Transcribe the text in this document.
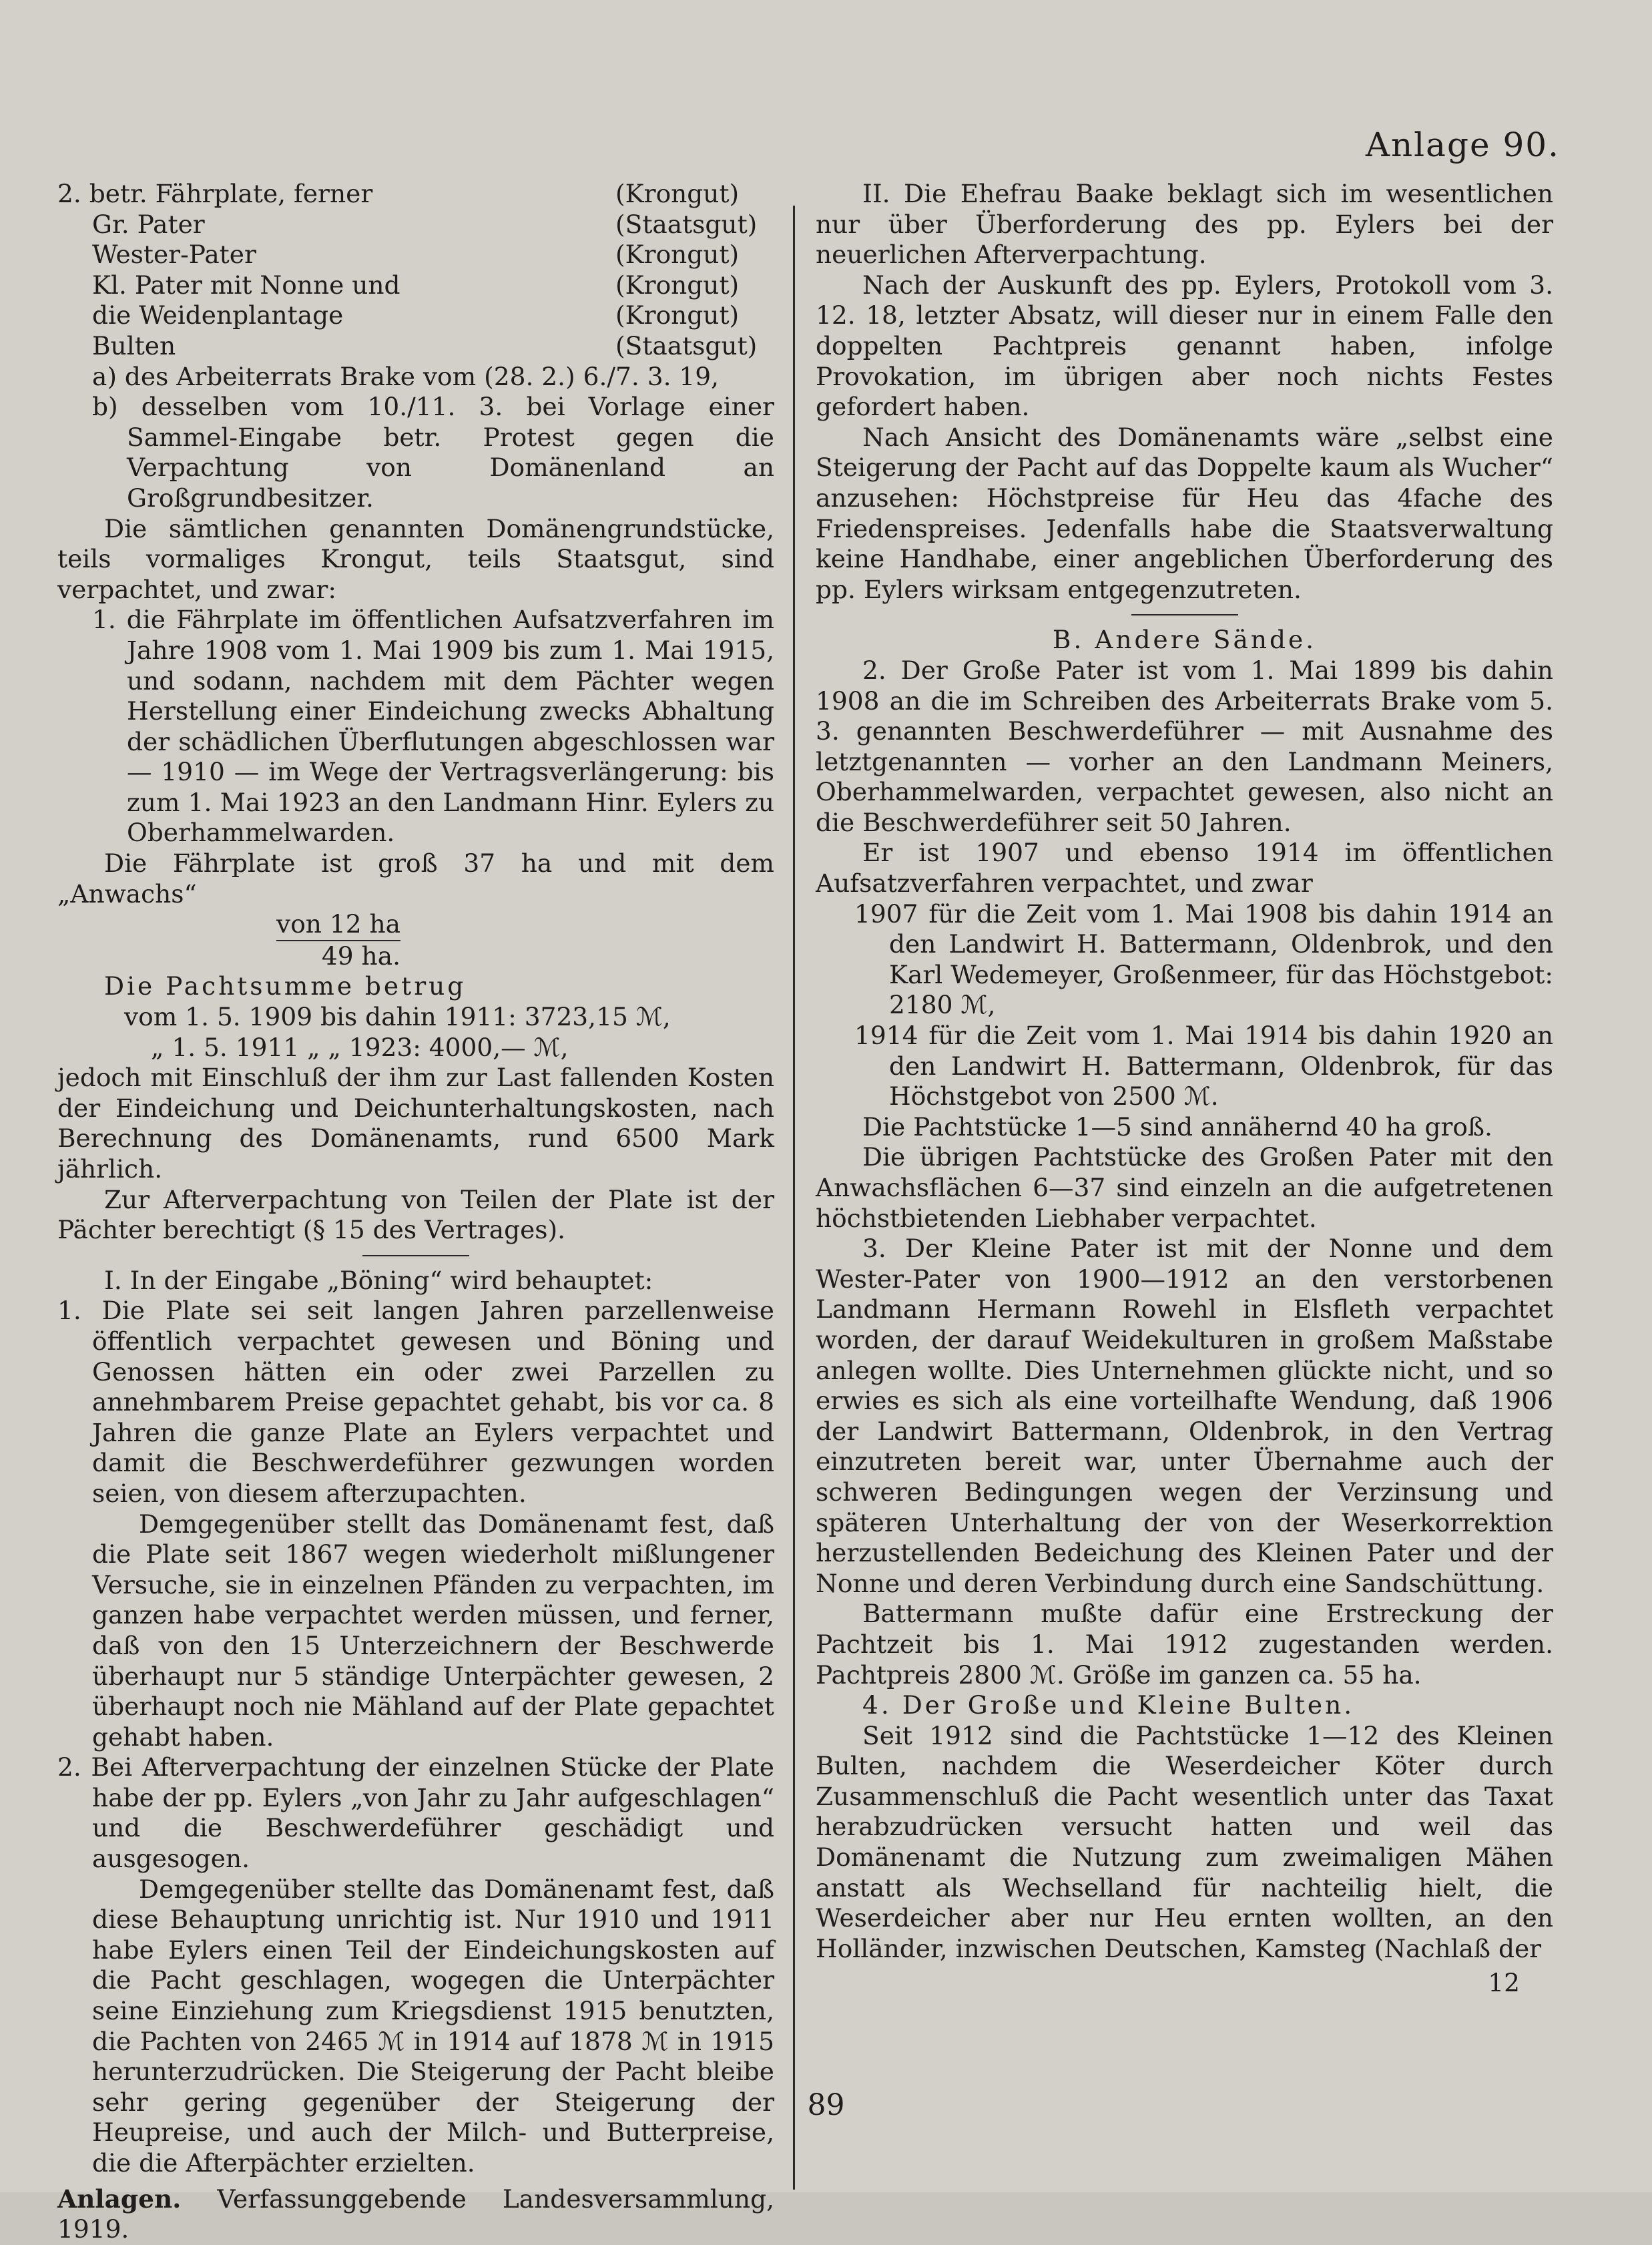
Anlage 90.
2. betr. Fährplate, ferner	(Krongut)
Gr. Pater	(Staatsgut)
Wester-Pater	(Krongut)
Kl. Pater mit Nonne und	(Krongut)
die Weidenplantage	(Krongut)
Bulten	(Staatsgut)

a) des Arbeiterrats Brake vom (28. 2.) 6./7. 3. 19,

b) desselben vom 10./11. 3. bei Vorlage einer Sammel-Eingabe betr. Protest gegen die Verpachtung von Domänenland an Großgrundbesitzer.

Die sämtlichen genannten Domänengrundstücke, teils vormaliges Krongut, teils Staatsgut, sind verpachtet, und zwar:

1. die Fährplate im öffentlichen Aufsatzverfahren im Jahre 1908 vom 1. Mai 1909 bis zum 1. Mai 1915, und sodann, nachdem mit dem Pächter wegen Herstellung einer Eindeichung zwecks Abhaltung der schädlichen Überflutungen abgeschlossen war — 1910 — im Wege der Vertragsverlängerung: bis zum 1. Mai 1923 an den Landmann Hinr. Eylers zu Oberhammelwarden.

Die Fährplate ist groß 37 ha und mit dem „Anwachs“

von 12 ha
49 ha.

Die Pachtsumme betrug

vom 1. 5. 1909 bis dahin 1911: 3723,15 ℳ,

„ 1. 5. 1911 „ „ 1923: 4000,— ℳ,

jedoch mit Einschluß der ihm zur Last fallenden Kosten der Eindeichung und Deichunterhaltungskosten, nach Berechnung des Domänenamts, rund 6500 Mark jährlich.

Zur Afterverpachtung von Teilen der Plate ist der Pächter berechtigt (§ 15 des Vertrages).

I. In der Eingabe „Böning“ wird behauptet:

1. Die Plate sei seit langen Jahren parzellenweise öffentlich verpachtet gewesen und Böning und Genossen hätten ein oder zwei Parzellen zu annehmbarem Preise gepachtet gehabt, bis vor ca. 8 Jahren die ganze Plate an Eylers verpachtet und damit die Beschwerdeführer gezwungen worden seien, von diesem afterzupachten.

Demgegenüber stellt das Domänenamt fest, daß die Plate seit 1867 wegen wiederholt mißlungener Versuche, sie in einzelnen Pfänden zu verpachten, im ganzen habe verpachtet werden müssen, und ferner, daß von den 15 Unterzeichnern der Beschwerde überhaupt nur 5 ständige Unterpächter gewesen, 2 überhaupt noch nie Mähland auf der Plate gepachtet gehabt haben.

2. Bei Afterverpachtung der einzelnen Stücke der Plate habe der pp. Eylers „von Jahr zu Jahr aufgeschlagen“ und die Beschwerdeführer geschädigt und ausgesogen.

Demgegenüber stellte das Domänenamt fest, daß diese Behauptung unrichtig ist. Nur 1910 und 1911 habe Eylers einen Teil der Eindeichungskosten auf die Pacht geschlagen, wogegen die Unterpächter seine Einziehung zum Kriegsdienst 1915 benutzten, die Pachten von 2465 ℳ in 1914 auf 1878 ℳ in 1915 herunterzudrücken. Die Steigerung der Pacht bleibe sehr gering gegenüber der Steigerung der Heupreise, und auch der Milch- und Butterpreise, die die Afterpächter erzielten.

Anlagen. Verfassunggebende Landesversammlung, 1919.

II. Die Ehefrau Baake beklagt sich im wesentlichen nur über Überforderung des pp. Eylers bei der neuerlichen Afterverpachtung.

Nach der Auskunft des pp. Eylers, Protokoll vom 3. 12. 18, letzter Absatz, will dieser nur in einem Falle den doppelten Pachtpreis genannt haben, infolge Provokation, im übrigen aber noch nichts Festes gefordert haben.

Nach Ansicht des Domänenamts wäre „selbst eine Steigerung der Pacht auf das Doppelte kaum als Wucher“ anzusehen: Höchstpreise für Heu das 4fache des Friedenspreises. Jedenfalls habe die Staatsverwaltung keine Handhabe, einer angeblichen Überforderung des pp. Eylers wirksam entgegenzutreten.

B. Andere Sände.

2. Der Große Pater ist vom 1. Mai 1899 bis dahin 1908 an die im Schreiben des Arbeiterrats Brake vom 5. 3. genannten Beschwerdeführer — mit Ausnahme des letztgenannten — vorher an den Landmann Meiners, Oberhammelwarden, verpachtet gewesen, also nicht an die Beschwerdeführer seit 50 Jahren.

Er ist 1907 und ebenso 1914 im öffentlichen Aufsatzverfahren verpachtet, und zwar

1907 für die Zeit vom 1. Mai 1908 bis dahin 1914 an den Landwirt H. Battermann, Oldenbrok, und den Karl Wedemeyer, Großenmeer, für das Höchstgebot: 2180 ℳ,

1914 für die Zeit vom 1. Mai 1914 bis dahin 1920 an den Landwirt H. Battermann, Oldenbrok, für das Höchstgebot von 2500 ℳ.

Die Pachtstücke 1—5 sind annähernd 40 ha groß.

Die übrigen Pachtstücke des Großen Pater mit den Anwachsflächen 6—37 sind einzeln an die aufgetretenen höchstbietenden Liebhaber verpachtet.

3. Der Kleine Pater ist mit der Nonne und dem Wester-Pater von 1900—1912 an den verstorbenen Landmann Hermann Rowehl in Elsfleth verpachtet worden, der darauf Weidekulturen in großem Maßstabe anlegen wollte. Dies Unternehmen glückte nicht, und so erwies es sich als eine vorteilhafte Wendung, daß 1906 der Landwirt Battermann, Oldenbrok, in den Vertrag einzutreten bereit war, unter Übernahme auch der schweren Bedingungen wegen der Verzinsung und späteren Unterhaltung der von der Weserkorrektion herzustellenden Bedeichung des Kleinen Pater und der Nonne und deren Verbindung durch eine Sandschüttung.

Battermann mußte dafür eine Erstreckung der Pachtzeit bis 1. Mai 1912 zugestanden werden. Pachtpreis 2800 ℳ. Größe im ganzen ca. 55 ha.

4. Der Große und Kleine Bulten.

Seit 1912 sind die Pachtstücke 1—12 des Kleinen Bulten, nachdem die Weserdeicher Köter durch Zusammenschluß die Pacht wesentlich unter das Taxat herabzudrücken versucht hatten und weil das Domänenamt die Nutzung zum zweimaligen Mähen anstatt als Wechselland für nachteilig hielt, die Weserdeicher aber nur Heu ernten wollten, an den Holländer, inzwischen Deutschen, Kamsteg (Nachlaß der

12

89
